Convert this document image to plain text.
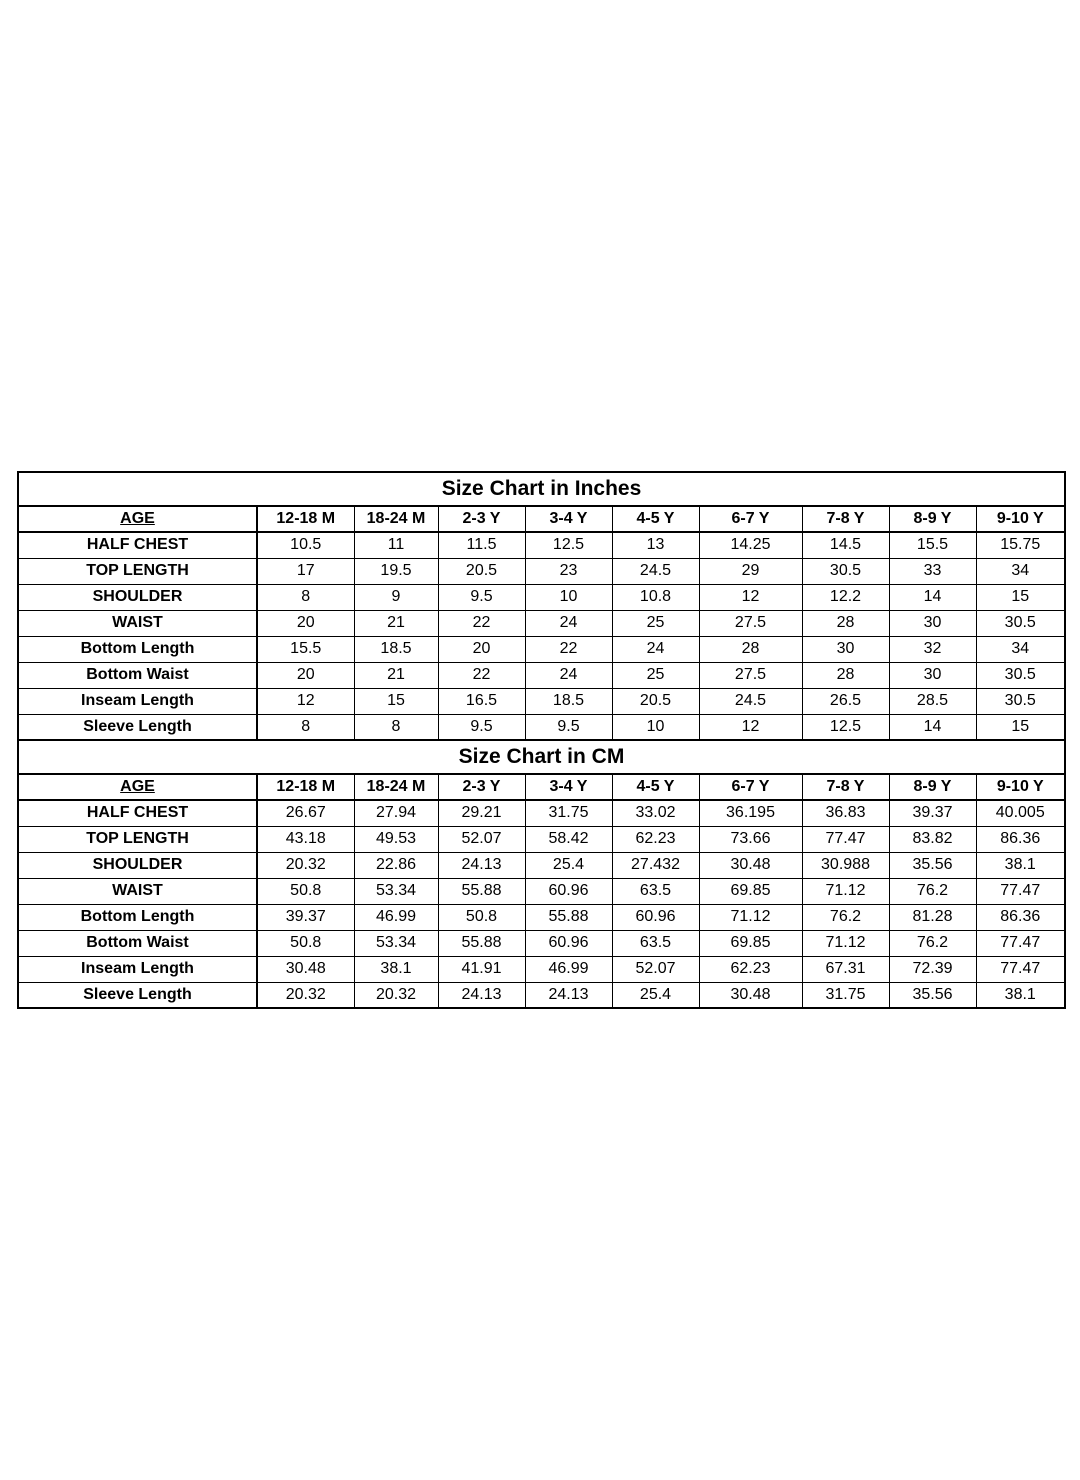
Size Chart in Inches									
AGE	12-18 M	18-24 M	2-3 Y	3-4 Y	4-5 Y	6-7 Y	7-8 Y	8-9 Y	9-10 Y
HALF CHEST	10.5	11	11.5	12.5	13	14.25	14.5	15.5	15.75
TOP LENGTH	17	19.5	20.5	23	24.5	29	30.5	33	34
SHOULDER	8	9	9.5	10	10.8	12	12.2	14	15
WAIST	20	21	22	24	25	27.5	28	30	30.5
Bottom Length	15.5	18.5	20	22	24	28	30	32	34
Bottom Waist	20	21	22	24	25	27.5	28	30	30.5
Inseam Length	12	15	16.5	18.5	20.5	24.5	26.5	28.5	30.5
Sleeve Length	8	8	9.5	9.5	10	12	12.5	14	15
Size Chart in CM									
AGE	12-18 M	18-24 M	2-3 Y	3-4 Y	4-5 Y	6-7 Y	7-8 Y	8-9 Y	9-10 Y
HALF CHEST	26.67	27.94	29.21	31.75	33.02	36.195	36.83	39.37	40.005
TOP LENGTH	43.18	49.53	52.07	58.42	62.23	73.66	77.47	83.82	86.36
SHOULDER	20.32	22.86	24.13	25.4	27.432	30.48	30.988	35.56	38.1
WAIST	50.8	53.34	55.88	60.96	63.5	69.85	71.12	76.2	77.47
Bottom Length	39.37	46.99	50.8	55.88	60.96	71.12	76.2	81.28	86.36
Bottom Waist	50.8	53.34	55.88	60.96	63.5	69.85	71.12	76.2	77.47
Inseam Length	30.48	38.1	41.91	46.99	52.07	62.23	67.31	72.39	77.47
Sleeve Length	20.32	20.32	24.13	24.13	25.4	30.48	31.75	35.56	38.1
